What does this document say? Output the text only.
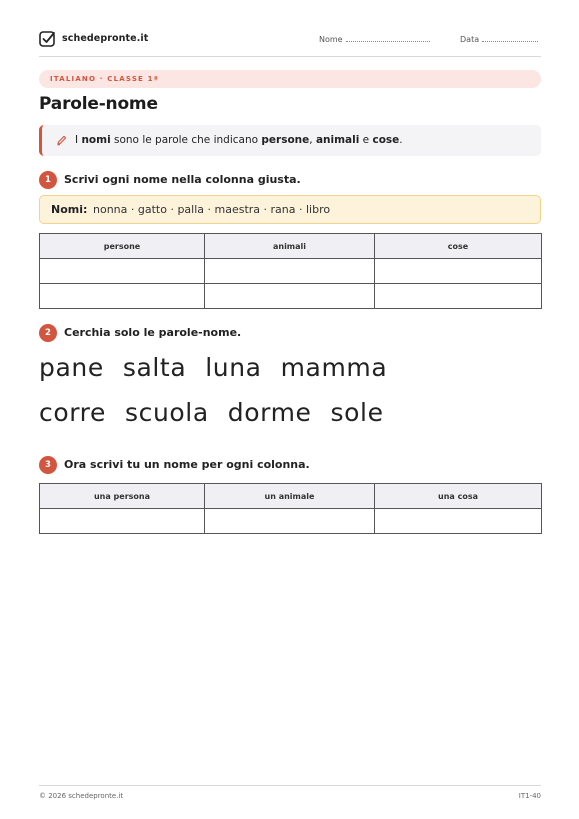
schedepronte.it	Nome	Data
ITALIANO · CLASSE 1ª
Parole-nome

I nomi sono le parole che indicano persone, animali e cose.

1	Scrivi ogni nome nella colonna giusta.
Nomi: nonna · gatto · palla · maestra · rana · libro
persone	animali	cose

2	Cerchia solo le parole-nome.
pane salta luna mamma
corre scuola dorme sole
3	Ora scrivi tu un nome per ogni colonna.
una persona	un animale	una cosa

© 2026 schedepronte.it	IT1-40
